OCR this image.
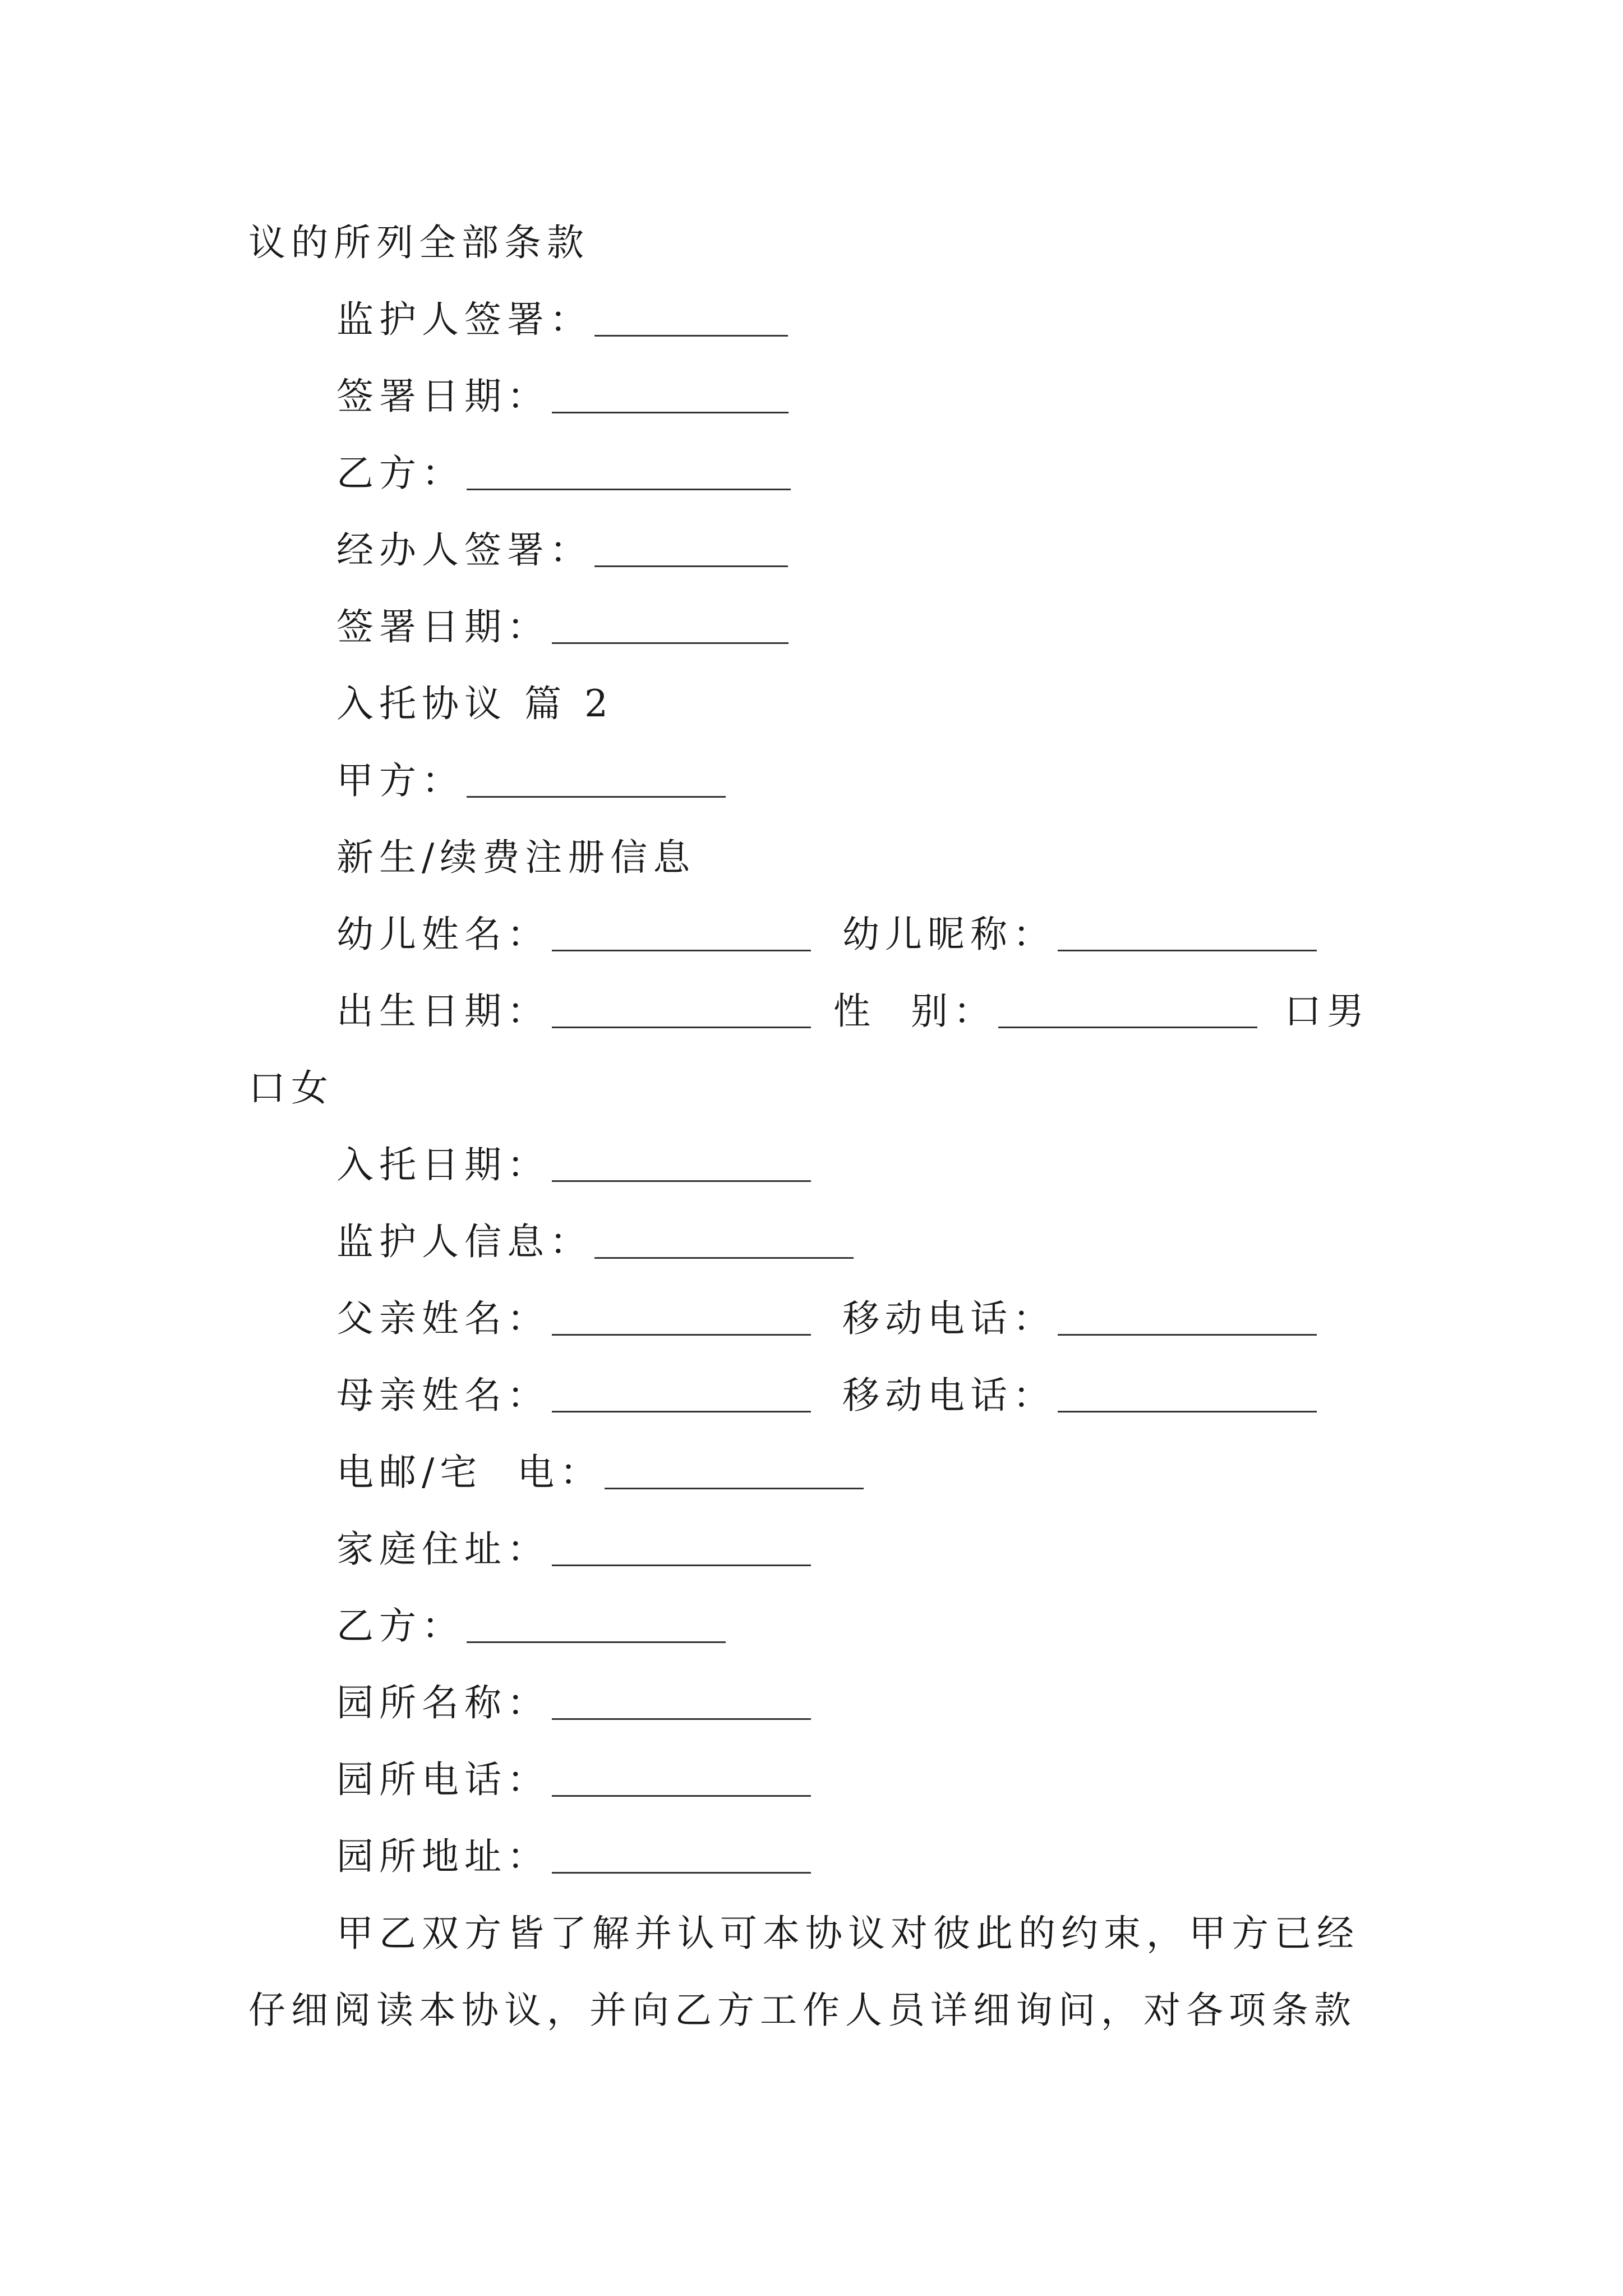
议的所列全部条款
监护人签署：
签署日期：
乙方：
经办人签署：
签署日期：
入托协议 篇 2
甲方：
新生/续费注册信息
幼儿姓名：	幼儿昵称：
出生日期：	性  别：	口男
口女
入托日期：
监护人信息：
父亲姓名：	移动电话：
母亲姓名：	移动电话：
电邮/宅  电：
家庭住址：
乙方：
园所名称：
园所电话：
园所地址：
甲乙双方皆了解并认可本协议对彼此的约束，甲方已经
仔细阅读本协议，并向乙方工作人员详细询问，对各项条款
